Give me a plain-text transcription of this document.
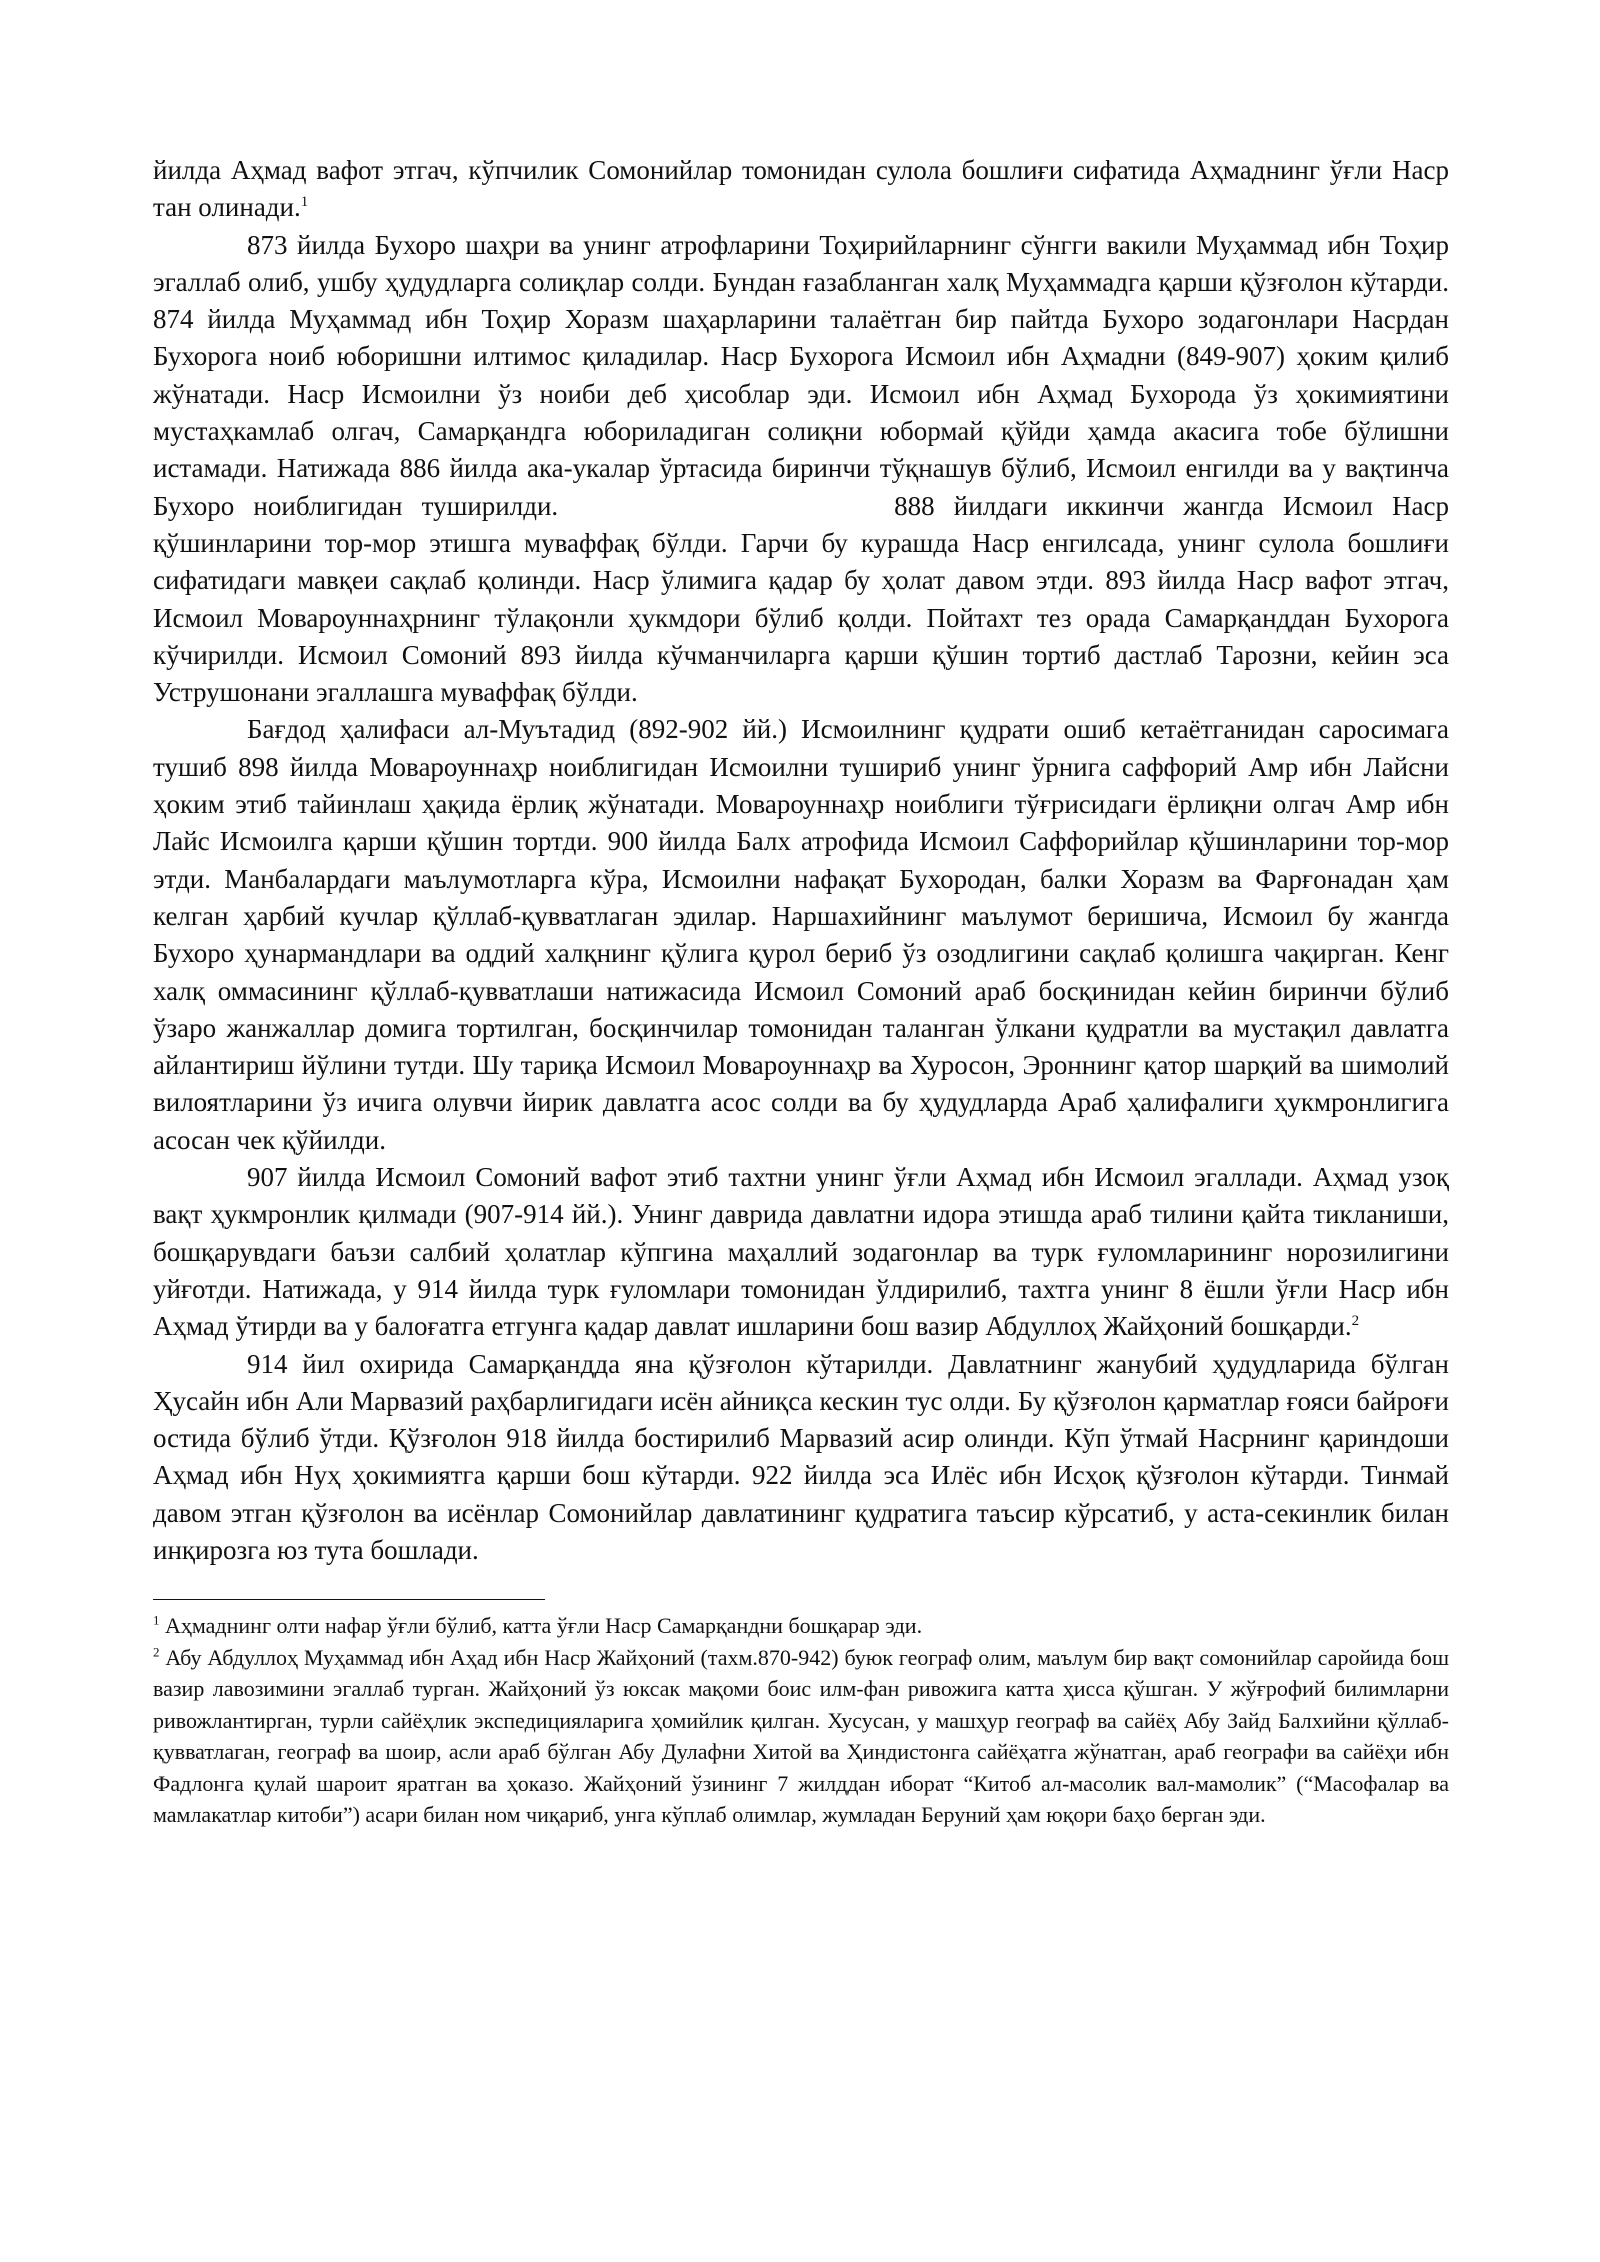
йилда Аҳмад вафот этгач, кўпчилик Сомонийлар томонидан сулола бошлиғи сифатида Аҳмаднинг ўғли Наср тан олинади.$^1$

873 йилда Бухоро шаҳри ва унинг атрофларини Тоҳирийларнинг сўнгги вакили Муҳаммад ибн Тоҳир эгаллаб олиб, ушбу ҳудудларга солиқлар солди. Бундан ғазабланган халқ Муҳаммадга қарши қўзғолон кўтарди. 874 йилда Муҳаммад ибн Тоҳир Хоразм шаҳарларини талаётган бир пайтда Бухоро зодагонлари Насрдан Бухорога ноиб юборишни илтимос қиладилар. Наср Бухорога Исмоил ибн Аҳмадни (849-907) ҳоким қилиб жўнатади. Наср Исмоилни ўз ноиби деб ҳисоблар эди. Исмоил ибн Аҳмад Бухорода ўз ҳокимиятини мустаҳкамлаб олгач, Самарқандга юбориладиган солиқни юбормай қўйди ҳамда акасига тобе бўлишни истамади. Натижада 886 йилда ака-укалар ўртасида биринчи тўқнашув бўлиб, Исмоил енгилди ва у вақтинча Бухоро ноиблигидан туширилди.	888 йилдаги иккинчи жангда Исмоил Наср қўшинларини тор-мор этишга муваффақ бўлди. Гарчи бу курашда Наср енгилсада, унинг сулола бошлиғи сифатидаги мавқеи сақлаб қолинди. Наср ўлимига қадар бу ҳолат давом этди. 893 йилда Наср вафот этгач, Исмоил Мовароуннаҳрнинг тўлақонли ҳукмдори бўлиб қолди. Пойтахт тез орада Самарқанддан Бухорога кўчирилди. Исмоил Сомоний 893 йилда кўчманчиларга қарши қўшин тортиб дастлаб Тарозни, кейин эса Уструшонани эгаллашга муваффақ бўлди.

Бағдод ҳалифаси ал-Муътадид (892-902 йй.) Исмоилнинг қудрати ошиб кетаётганидан саросимага тушиб 898 йилда Мовароуннаҳр ноиблигидан Исмоилни тушириб унинг ўрнига саффорий Амр ибн Лайсни ҳоким этиб тайинлаш ҳақида ёрлиқ жўнатади. Мовароуннаҳр ноиблиги тўғрисидаги ёрлиқни олгач Амр ибн Лайс Исмоилга қарши қўшин тортди. 900 йилда Балх атрофида Исмоил Саффорийлар қўшинларини тор-мор этди. Манбалардаги маълумотларга кўра, Исмоилни нафақат Бухородан, балки Хоразм ва Фарғонадан ҳам келган ҳарбий кучлар қўллаб-қувватлаган эдилар. Наршахийнинг маълумот беришича, Исмоил бу жангда Бухоро ҳунармандлари ва оддий халқнинг қўлига қурол бериб ўз озодлигини сақлаб қолишга чақирган. Кенг халқ оммасининг қўллаб-қувватлаши натижасида Исмоил Сомоний араб босқинидан кейин биринчи бўлиб ўзаро жанжаллар домига тортилган, босқинчилар томонидан таланган ўлкани қудратли ва мустақил давлатга айлантириш йўлини тутди. Шу тариқа Исмоил Мовароуннаҳр ва Хуросон, Эроннинг қатор шарқий ва шимолий вилоятларини ўз ичига олувчи йирик давлатга асос солди ва бу ҳудудларда Араб ҳалифалиги ҳукмронлигига асосан чек қўйилди.

907 йилда Исмоил Сомоний вафот этиб тахтни унинг ўғли Аҳмад ибн Исмоил эгаллади. Аҳмад узоқ вақт ҳукмронлик қилмади (907-914 йй.). Унинг даврида давлатни идора этишда араб тилини қайта тикланиши, бошқарувдаги баъзи салбий ҳолатлар кўпгина маҳаллий зодагонлар ва турк ғуломларининг норозилигини уйғотди. Натижада, у 914 йилда турк ғуломлари томонидан ўлдирилиб, тахтга унинг 8 ёшли ўғли Наср ибн Аҳмад ўтирди ва у балоғатга етгунга қадар давлат ишларини бош вазир Абдуллоҳ Жайҳоний бошқарди.$^2$

914 йил охирида Самарқандда яна қўзғолон кўтарилди. Давлатнинг жанубий ҳудудларида бўлган Ҳусайн ибн Али Марвазий раҳбарлигидаги исён айниқса кескин тус олди. Бу қўзғолон қарматлар ғояси байроғи остида бўлиб ўтди. Қўзғолон 918 йилда бостирилиб Марвазий асир олинди. Кўп ўтмай Насрнинг қариндоши Аҳмад ибн Нуҳ ҳокимиятга қарши бош кўтарди. 922 йилда эса Илёс ибн Исҳоқ қўзғолон кўтарди. Тинмай давом этган қўзғолон ва исёнлар Сомонийлар давлатининг қудратига таъсир кўрсатиб, у аста-секинлик билан инқирозга юз тута бошлади.

$^1$ Аҳмаднинг олти нафар ўғли бўлиб, катта ўғли Наср Самарқандни бошқарар эди.

$^2$ Абу Абдуллоҳ Муҳаммад ибн Аҳад ибн Наср Жайҳоний (тахм.870-942) буюк географ олим, маълум бир вақт сомонийлар саройида бош вазир лавозимини эгаллаб турган. Жайҳоний ўз юксак мақоми боис илм-фан ривожига катта ҳисса қўшган. У жўғрофий билимларни ривожлантирган, турли сайёҳлик экспедицияларига ҳомийлик қилган. Хусусан, у машҳур географ ва сайёҳ Абу Зайд Балхийни қўллаб- қувватлаган, географ ва шоир, асли араб бўлган Абу Дулафни Хитой ва Ҳиндистонга сайёҳатга жўнатган, араб географи ва сайёҳи ибн Фадлонга қулай шароит яратган ва ҳоказо. Жайҳоний ўзининг 7 жилддан иборат “Китоб ал-масолик вал-мамолик” (“Масофалар ва мамлакатлар китоби”) асари билан ном чиқариб, унга кўплаб олимлар, жумладан Беруний ҳам юқори баҳо берган эди.
